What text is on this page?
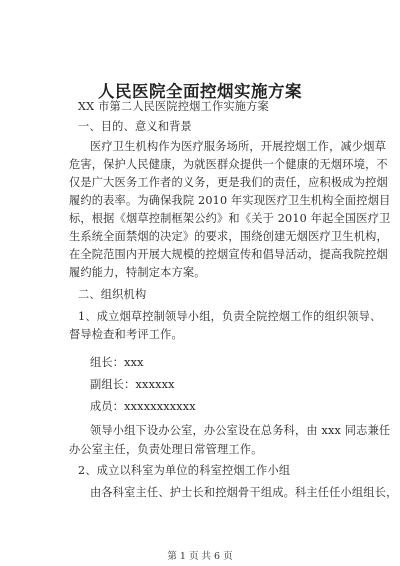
人民医院全面控烟实施方案
XX 市第二人民医院控烟工作实施方案
一、目的、意义和背景
医疗卫生机构作为医疗服务场所，开展控烟工作，减少烟草
危害，保护人民健康，为就医群众提供一个健康的无烟环境，不
仅是广大医务工作者的义务，更是我们的责任，应积极成为控烟
履约的表率。为确保我院 2010 年实现医疗卫生机构全面控烟目
标，根据《烟草控制框架公约》和《关于 2010 年起全国医疗卫
生系统全面禁烟的决定》的要求，围绕创建无烟医疗卫生机构，
在全院范围内开展大规模的控烟宣传和倡导活动，提高我院控烟
履约能力，特制定本方案。
二、组织机构
1、成立烟草控制领导小组，负责全院控烟工作的组织领导、
督导检查和考评工作。
组长：xxx
副组长：xxxxxx
成员：xxxxxxxxxxx
领导小组下设办公室，办公室设在总务科，由 xxx 同志兼任
办公室主任，负责处理日常管理工作。
2、成立以科室为单位的科室控烟工作小组
由各科室主任、护士长和控烟骨干组成。科主任任小组组长，
第 1 页 共 6 页
